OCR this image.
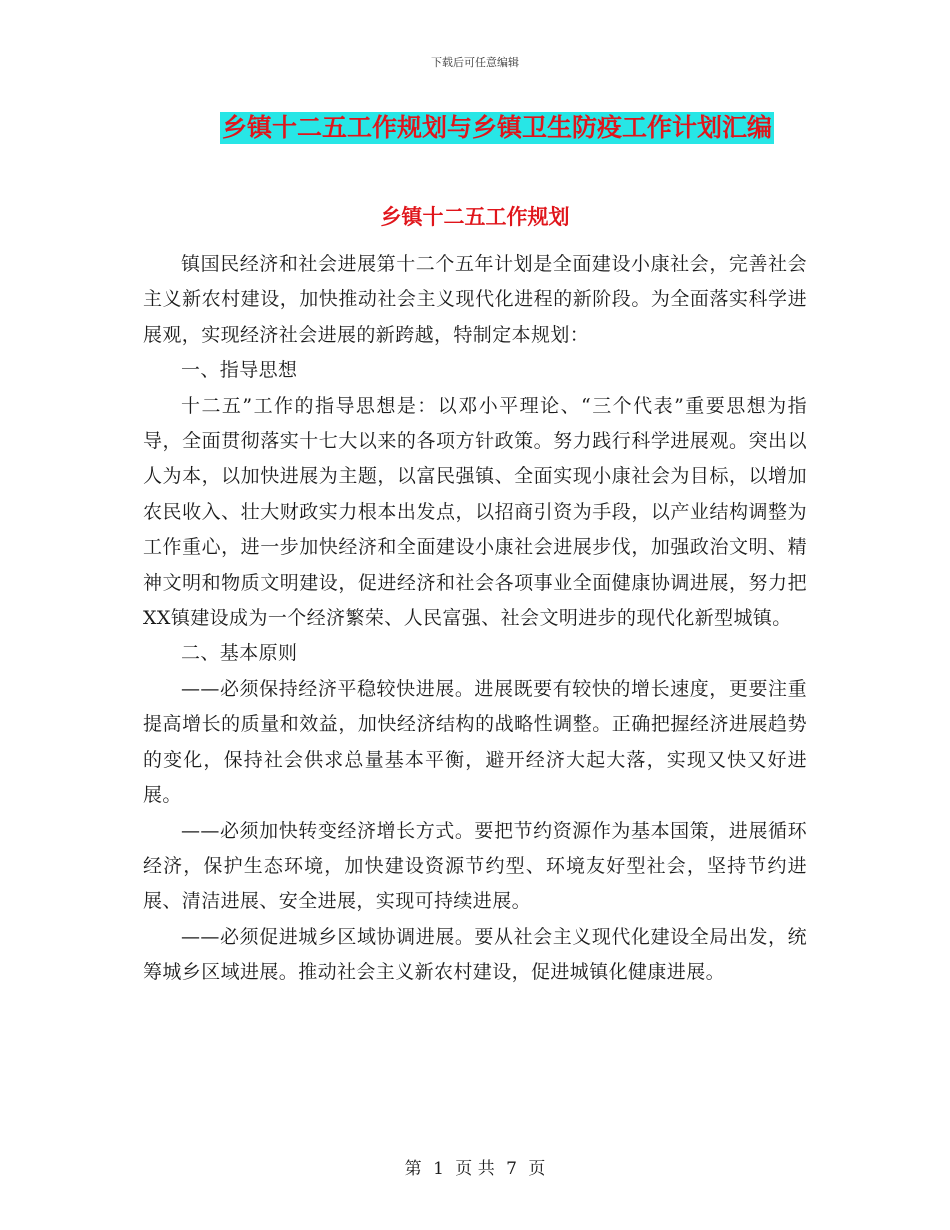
下载后可任意编辑
乡镇十二五工作规划与乡镇卫生防疫工作计划汇编
乡镇十二五工作规划

镇国民经济和社会进展第十二个五年计划是全面建设小康社会，完善社会主义新农村建设，加快推动社会主义现代化进程的新阶段。为全面落实科学进展观，实现经济社会进展的新跨越，特制定本规划：

一、指导思想

十二五”工作的指导思想是：以邓小平理论、“三个代表”重要思想为指导，全面贯彻落实十七大以来的各项方针政策。努力践行科学进展观。突出以人为本，以加快进展为主题，以富民强镇、全面实现小康社会为目标，以增加农民收入、壮大财政实力根本出发点，以招商引资为手段，以产业结构调整为工作重心，进一步加快经济和全面建设小康社会进展步伐，加强政治文明、精神文明和物质文明建设，促进经济和社会各项事业全面健康协调进展，努力把XX镇建设成为一个经济繁荣、人民富强、社会文明进步的现代化新型城镇。

二、基本原则

——必须保持经济平稳较快进展。进展既要有较快的增长速度，更要注重提高增长的质量和效益，加快经济结构的战略性调整。正确把握经济进展趋势的变化，保持社会供求总量基本平衡，避开经济大起大落，实现又快又好进展。

——必须加快转变经济增长方式。要把节约资源作为基本国策，进展循环经济，保护生态环境，加快建设资源节约型、环境友好型社会，坚持节约进展、清洁进展、安全进展，实现可持续进展。

——必须促进城乡区域协调进展。要从社会主义现代化建设全局出发，统筹城乡区域进展。推动社会主义新农村建设，促进城镇化健康进展。

第 1 页 共 7 页
